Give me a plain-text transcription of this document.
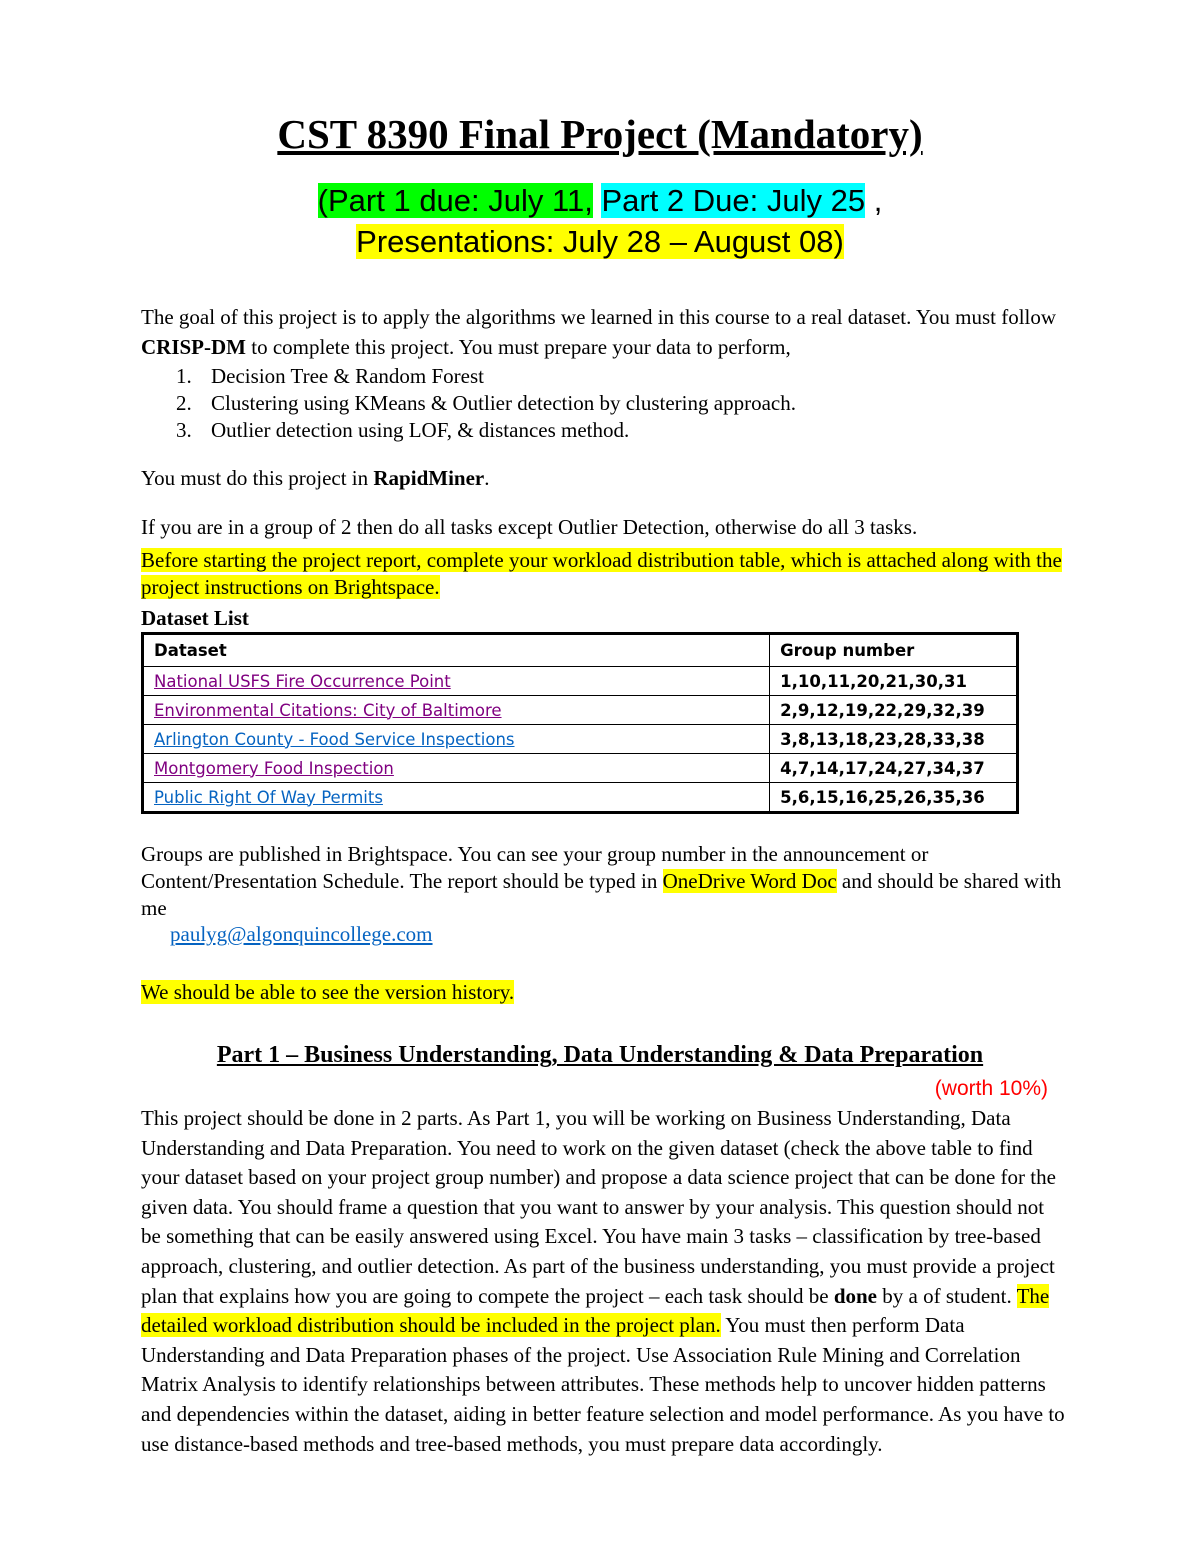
CST 8390 Final Project (Mandatory)
(Part 1 due: July 11, Part 2 Due: July 25 ,
Presentations: July 28 – August 08)
The goal of this project is to apply the algorithms we learned in this course to a real dataset. You must follow CRISP-DM to complete this project. You must prepare your data to perform,
1. Decision Tree & Random Forest
2. Clustering using KMeans & Outlier detection by clustering approach.
3. Outlier detection using LOF, & distances method.
You must do this project in RapidMiner.
If you are in a group of 2 then do all tasks except Outlier Detection, otherwise do all 3 tasks.
Before starting the project report, complete your workload distribution table, which is attached along with the project instructions on Brightspace.
Dataset List
Dataset	Group number
National USFS Fire Occurrence Point	1,10,11,20,21,30,31
Environmental Citations: City of Baltimore	2,9,12,19,22,29,32,39
Arlington County - Food Service Inspections	3,8,13,18,23,28,33,38
Montgomery Food Inspection	4,7,14,17,24,27,34,37
Public Right Of Way Permits	5,6,15,16,25,26,35,36
Groups are published in Brightspace. You can see your group number in the announcement or Content/Presentation Schedule. The report should be typed in OneDrive Word Doc and should be shared with me
paulyg@algonquincollege.com
We should be able to see the version history.
Part 1 – Business Understanding, Data Understanding & Data Preparation
(worth 10%)
This project should be done in 2 parts. As Part 1, you will be working on Business Understanding, Data Understanding and Data Preparation. You need to work on the given dataset (check the above table to find your dataset based on your project group number) and propose a data science project that can be done for the given data. You should frame a question that you want to answer by your analysis. This question should not be something that can be easily answered using Excel. You have main 3 tasks – classification by tree-based approach, clustering, and outlier detection. As part of the business understanding, you must provide a project plan that explains how you are going to compete the project – each task should be done by a of student. The detailed workload distribution should be included in the project plan. You must then perform Data Understanding and Data Preparation phases of the project. Use Association Rule Mining and Correlation Matrix Analysis to identify relationships between attributes. These methods help to uncover hidden patterns and dependencies within the dataset, aiding in better feature selection and model performance. As you have to use distance-based methods and tree-based methods, you must prepare data accordingly.
